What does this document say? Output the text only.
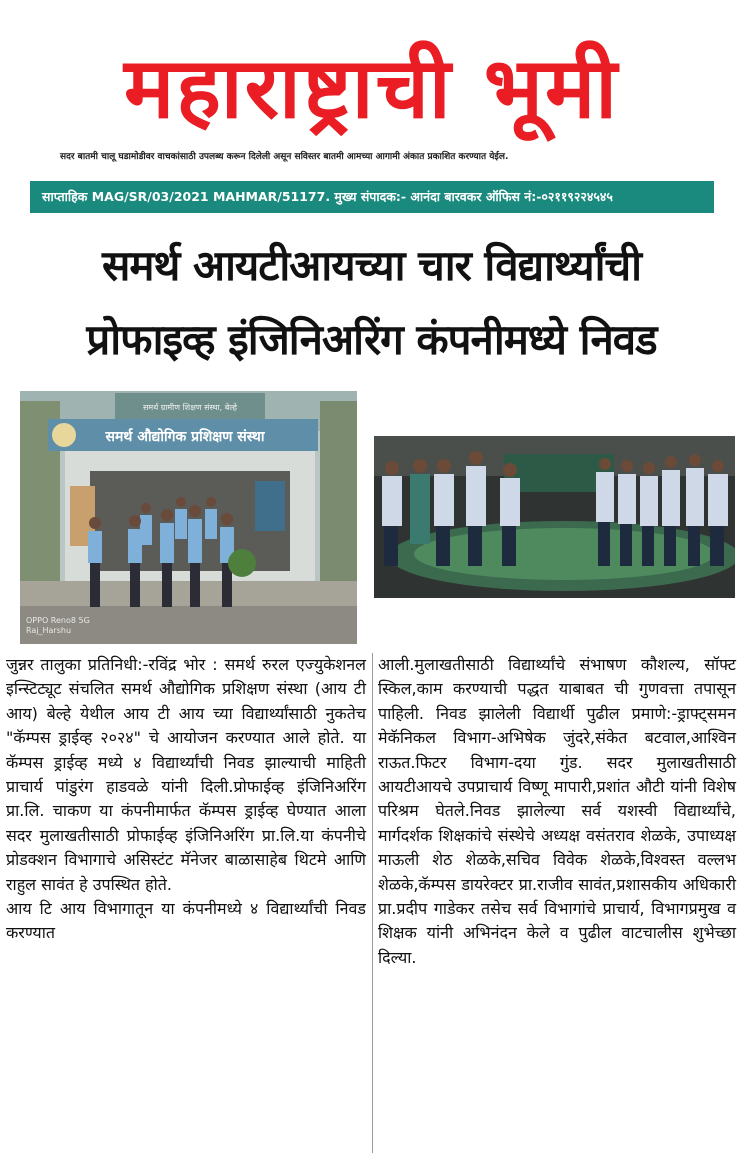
महाराष्ट्राची भूमी
सदर बातमी चालू घडामोडीवर वाचकांसाठी उपलब्ध करून दिलेली असून सविस्तर बातमी आमच्या आगामी अंकात प्रकाशित करण्यात येईल.
साप्ताहिक MAG/SR/03/2021 MAHMAR/51177. मुख्य संपादक:- आनंदा बारवकर ऑफिस नं:-०२११९२२४५४५
समर्थ आयटीआयच्या चार विद्यार्थ्यांची
प्रोफाइव्ह इंजिनिअरिंग कंपनीमध्ये निवड
समर्थ ग्रामीण शिक्षण संस्था, बेल्हे
समर्थ औद्योगिक प्रशिक्षण संस्था
OPPO Reno8 5G
Raj_Harshu

जुन्नर तालुका प्रतिनिधी:-रविंद्र भोर : समर्थ रुरल एज्युकेशनल इन्स्टिट्यूट संचलित समर्थ औद्योगिक प्रशिक्षण संस्था (आय टी आय) बेल्हे येथील आय टी आय च्या विद्यार्थ्यांसाठी नुकतेच "कॅम्पस ड्राईव्ह २०२४" चे आयोजन करण्यात आले होते. या कॅम्पस ड्राईव्ह मध्ये ४ विद्यार्थ्यांची निवड झाल्याची माहिती प्राचार्य पांडुरंग हाडवळे यांनी दिली.प्रोफाईव्ह इंजिनिअरिंग प्रा.लि. चाकण या कंपनीमार्फत कॅम्पस ड्राईव्ह घेण्यात आला सदर मुलाखतीसाठी प्रोफाईव्ह इंजिनिअरिंग प्रा.लि.या कंपनीचे प्रोडक्शन विभागाचे असिस्टंट मॅनेजर बाळासाहेब थिटमे आणि राहुल सावंत हे उपस्थित होते.

आय टि आय विभागातून या कंपनीमध्ये ४ विद्यार्थ्यांची निवड करण्यात

आली.मुलाखतीसाठी विद्यार्थ्यांचे संभाषण कौशल्य, सॉफ्ट स्किल,काम करण्याची पद्धत याबाबत ची गुणवत्ता तपासून पाहिली. निवड झालेली विद्यार्थी पुढील प्रमाणे:-ड्राफ्ट्समन मेकॅनिकल विभाग-अभिषेक जुंदरे,संकेत बटवाल,आश्विन राऊत.फिटर विभाग-दया गुंड. सदर मुलाखतीसाठी आयटीआयचे उपप्राचार्य विष्णू मापारी,प्रशांत औटी यांनी विशेष परिश्रम घेतले.निवड झालेल्या सर्व यशस्वी विद्यार्थ्यांचे, मार्गदर्शक शिक्षकांचे संस्थेचे अध्यक्ष वसंतराव शेळके, उपाध्यक्ष माऊली शेठ शेळके,सचिव विवेक शेळके,विश्वस्त वल्लभ शेळके,कॅम्पस डायरेक्टर प्रा.राजीव सावंत,प्रशासकीय अधिकारी प्रा.प्रदीप गाडेकर तसेच सर्व विभागांचे प्राचार्य, विभागप्रमुख व शिक्षक यांनी अभिनंदन केले व पुढील वाटचालीस शुभेच्छा दिल्या.
